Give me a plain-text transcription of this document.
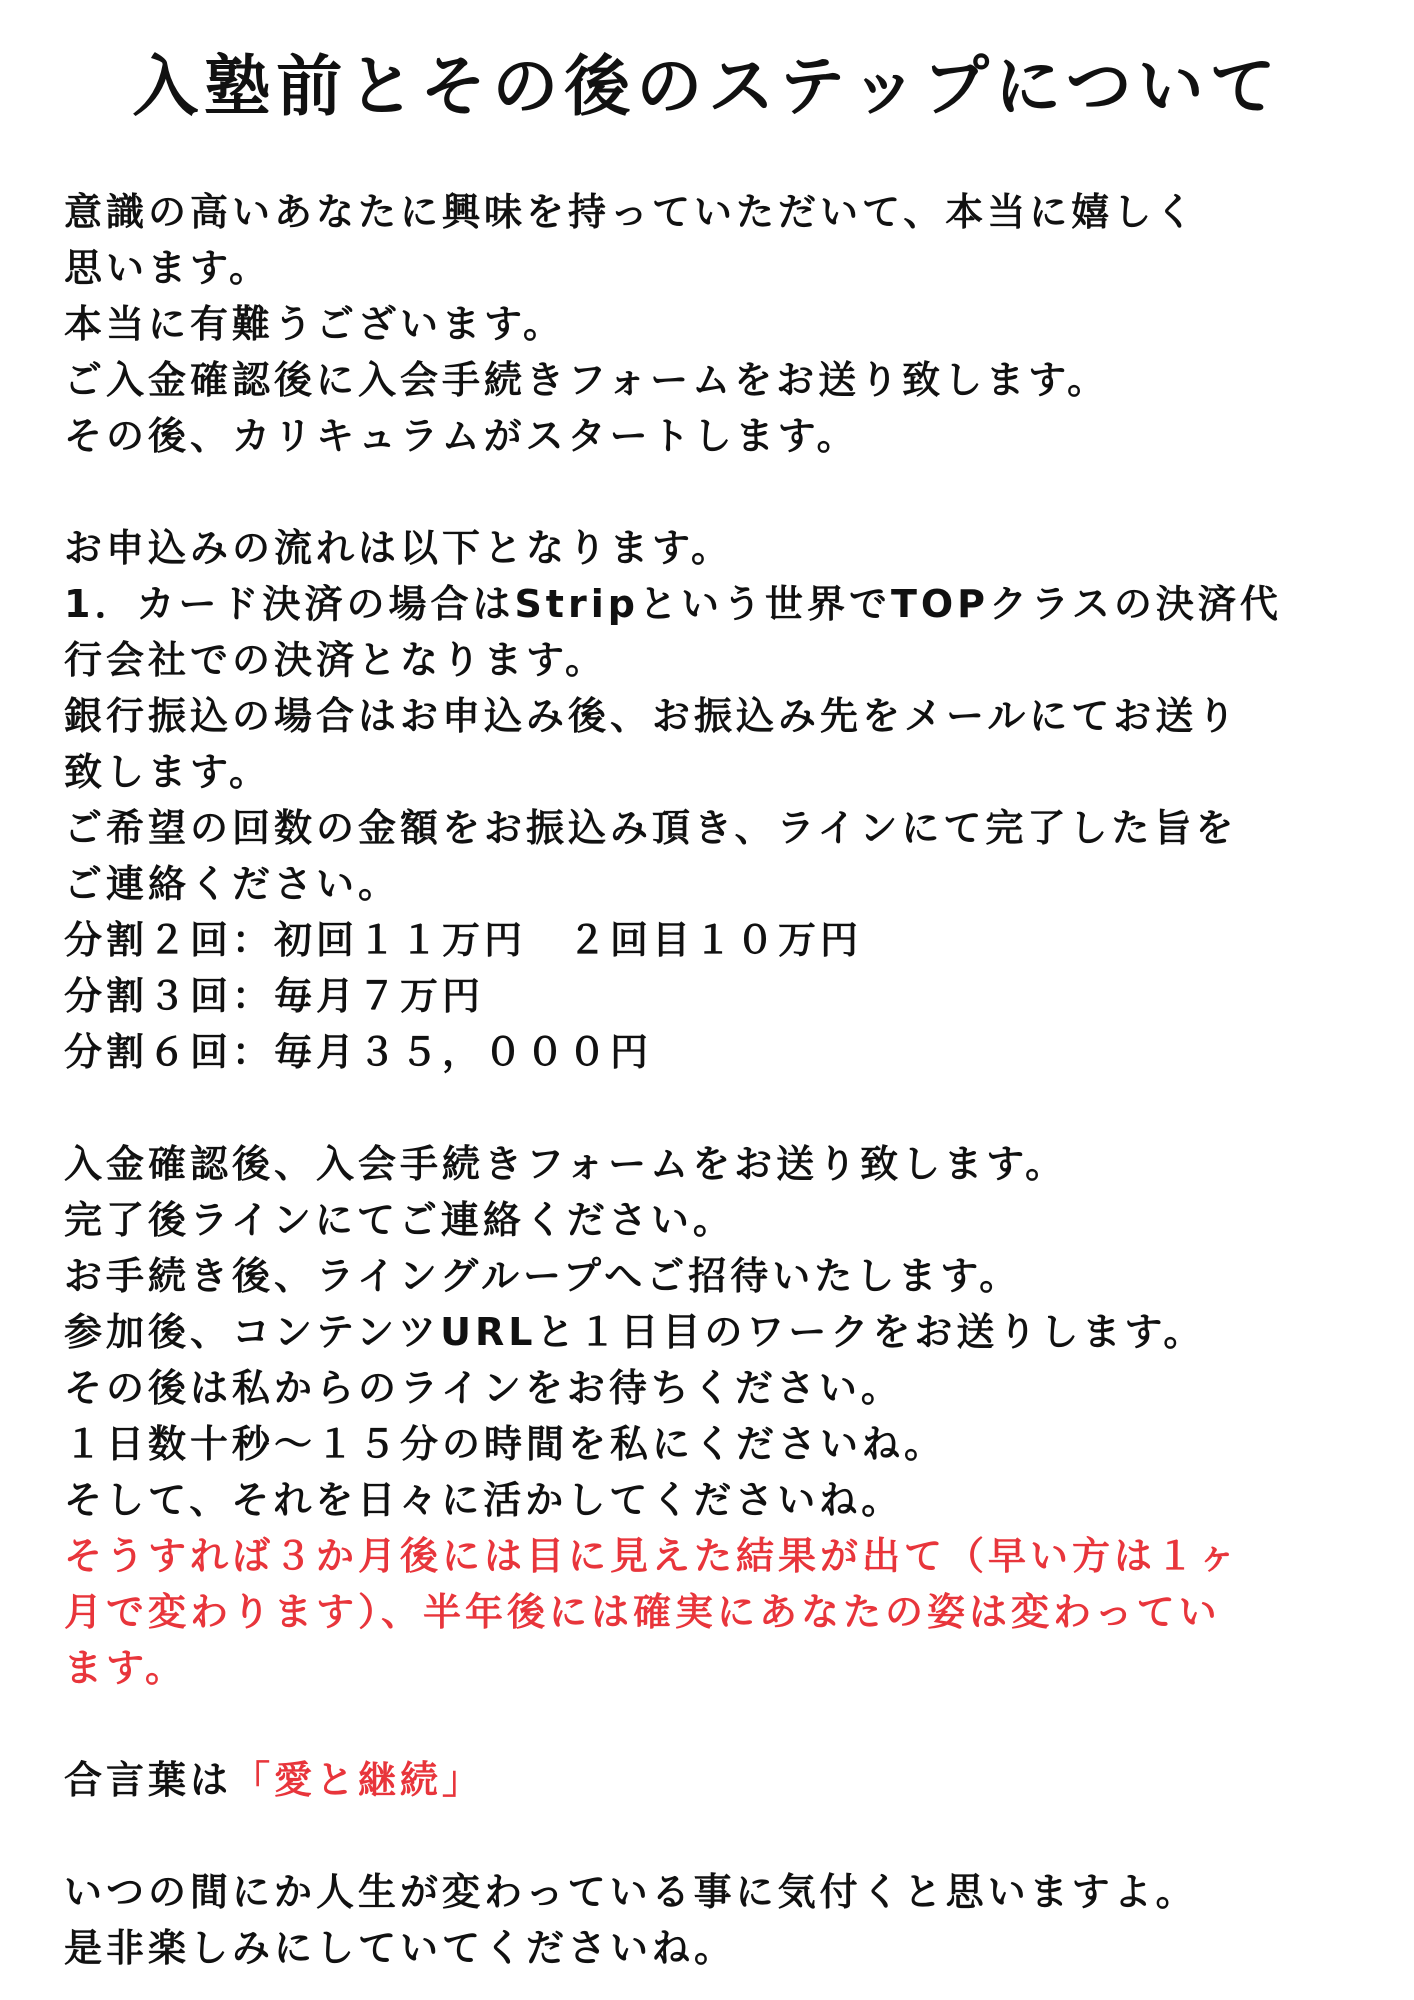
入塾前とその後のステップについて
意識の高いあなたに興味を持っていただいて、本当に嬉しく
思います。
本当に有難うございます。
ご入金確認後に入会手続きフォームをお送り致します。
その後、カリキュラムがスタートします。
お申込みの流れは以下となります。
1．カード決済の場合はStripという世界でTOPクラスの決済代
行会社での決済となります。
銀行振込の場合はお申込み後、お振込み先をメールにてお送り
致します。
ご希望の回数の金額をお振込み頂き、ラインにて完了した旨を
ご連絡ください。
分割２回：初回１１万円　２回目１０万円
分割３回：毎月７万円
分割６回：毎月３５，０００円
入金確認後、入会手続きフォームをお送り致します。
完了後ラインにてご連絡ください。
お手続き後、ライングループへご招待いたします。
参加後、コンテンツURLと１日目のワークをお送りします。
その後は私からのラインをお待ちください。
１日数十秒～１５分の時間を私にくださいね。
そして、それを日々に活かしてくださいね。
そうすれば３か月後には目に見えた結果が出て（早い方は１ヶ
月で変わります）、半年後には確実にあなたの姿は変わってい
ます。
合言葉は「愛と継続」
いつの間にか人生が変わっている事に気付くと思いますよ。
是非楽しみにしていてくださいね。
